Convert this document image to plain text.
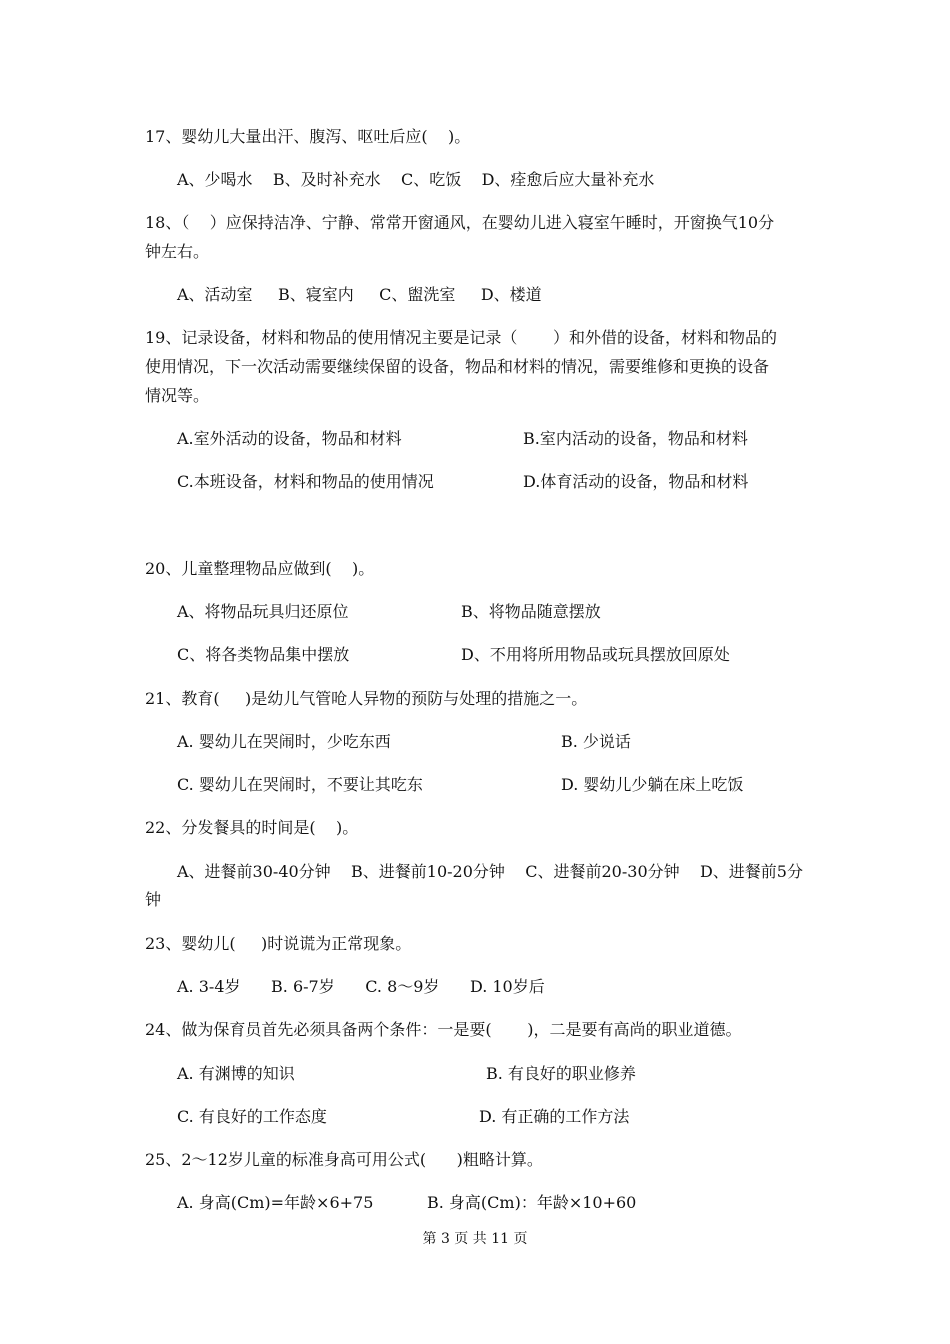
17、婴幼儿大量出汗、腹泻、呕吐后应(    )。
A、少喝水    B、及时补充水    C、吃饭    D、痊愈后应大量补充水
18、（    ）应保持洁净、宁静、常常开窗通风，在婴幼儿进入寝室午睡时，开窗换气10分
钟左右。
A、活动室     B、寝室内     C、盥洗室     D、楼道
19、记录设备，材料和物品的使用情况主要是记录（       ）和外借的设备，材料和物品的
使用情况，下一次活动需要继续保留的设备，物品和材料的情况，需要维修和更换的设备
情况等。
A.室外活动的设备，物品和材料	B.室内活动的设备，物品和材料
C.本班设备，材料和物品的使用情况	D.体育活动的设备，物品和材料
20、儿童整理物品应做到(    )。
A、将物品玩具归还原位	B、将物品随意摆放
C、将各类物品集中摆放	D、不用将所用物品或玩具摆放回原处
21、教育(     )是幼儿气管呛人异物的预防与处理的措施之一。
A. 婴幼儿在哭闹时，少吃东西	B. 少说话
C. 婴幼儿在哭闹时，不要让其吃东	D. 婴幼儿少躺在床上吃饭
22、分发餐具的时间是(    )。
A、进餐前30-40分钟    B、进餐前10-20分钟    C、进餐前20-30分钟    D、进餐前5分
钟
23、婴幼儿(     )时说谎为正常现象。
A. 3-4岁      B. 6-7岁      C. 8～9岁      D. 10岁后
24、做为保育员首先必须具备两个条件：一是要(       )，二是要有高尚的职业道德。
A. 有渊博的知识	B. 有良好的职业修养
C. 有良好的工作态度	D. 有正确的工作方法
25、2～12岁儿童的标准身高可用公式(      )粗略计算。
A. 身高(Cm)=年龄×6+75	B. 身高(Cm)：年龄×10+60
第 3 页 共 11 页
